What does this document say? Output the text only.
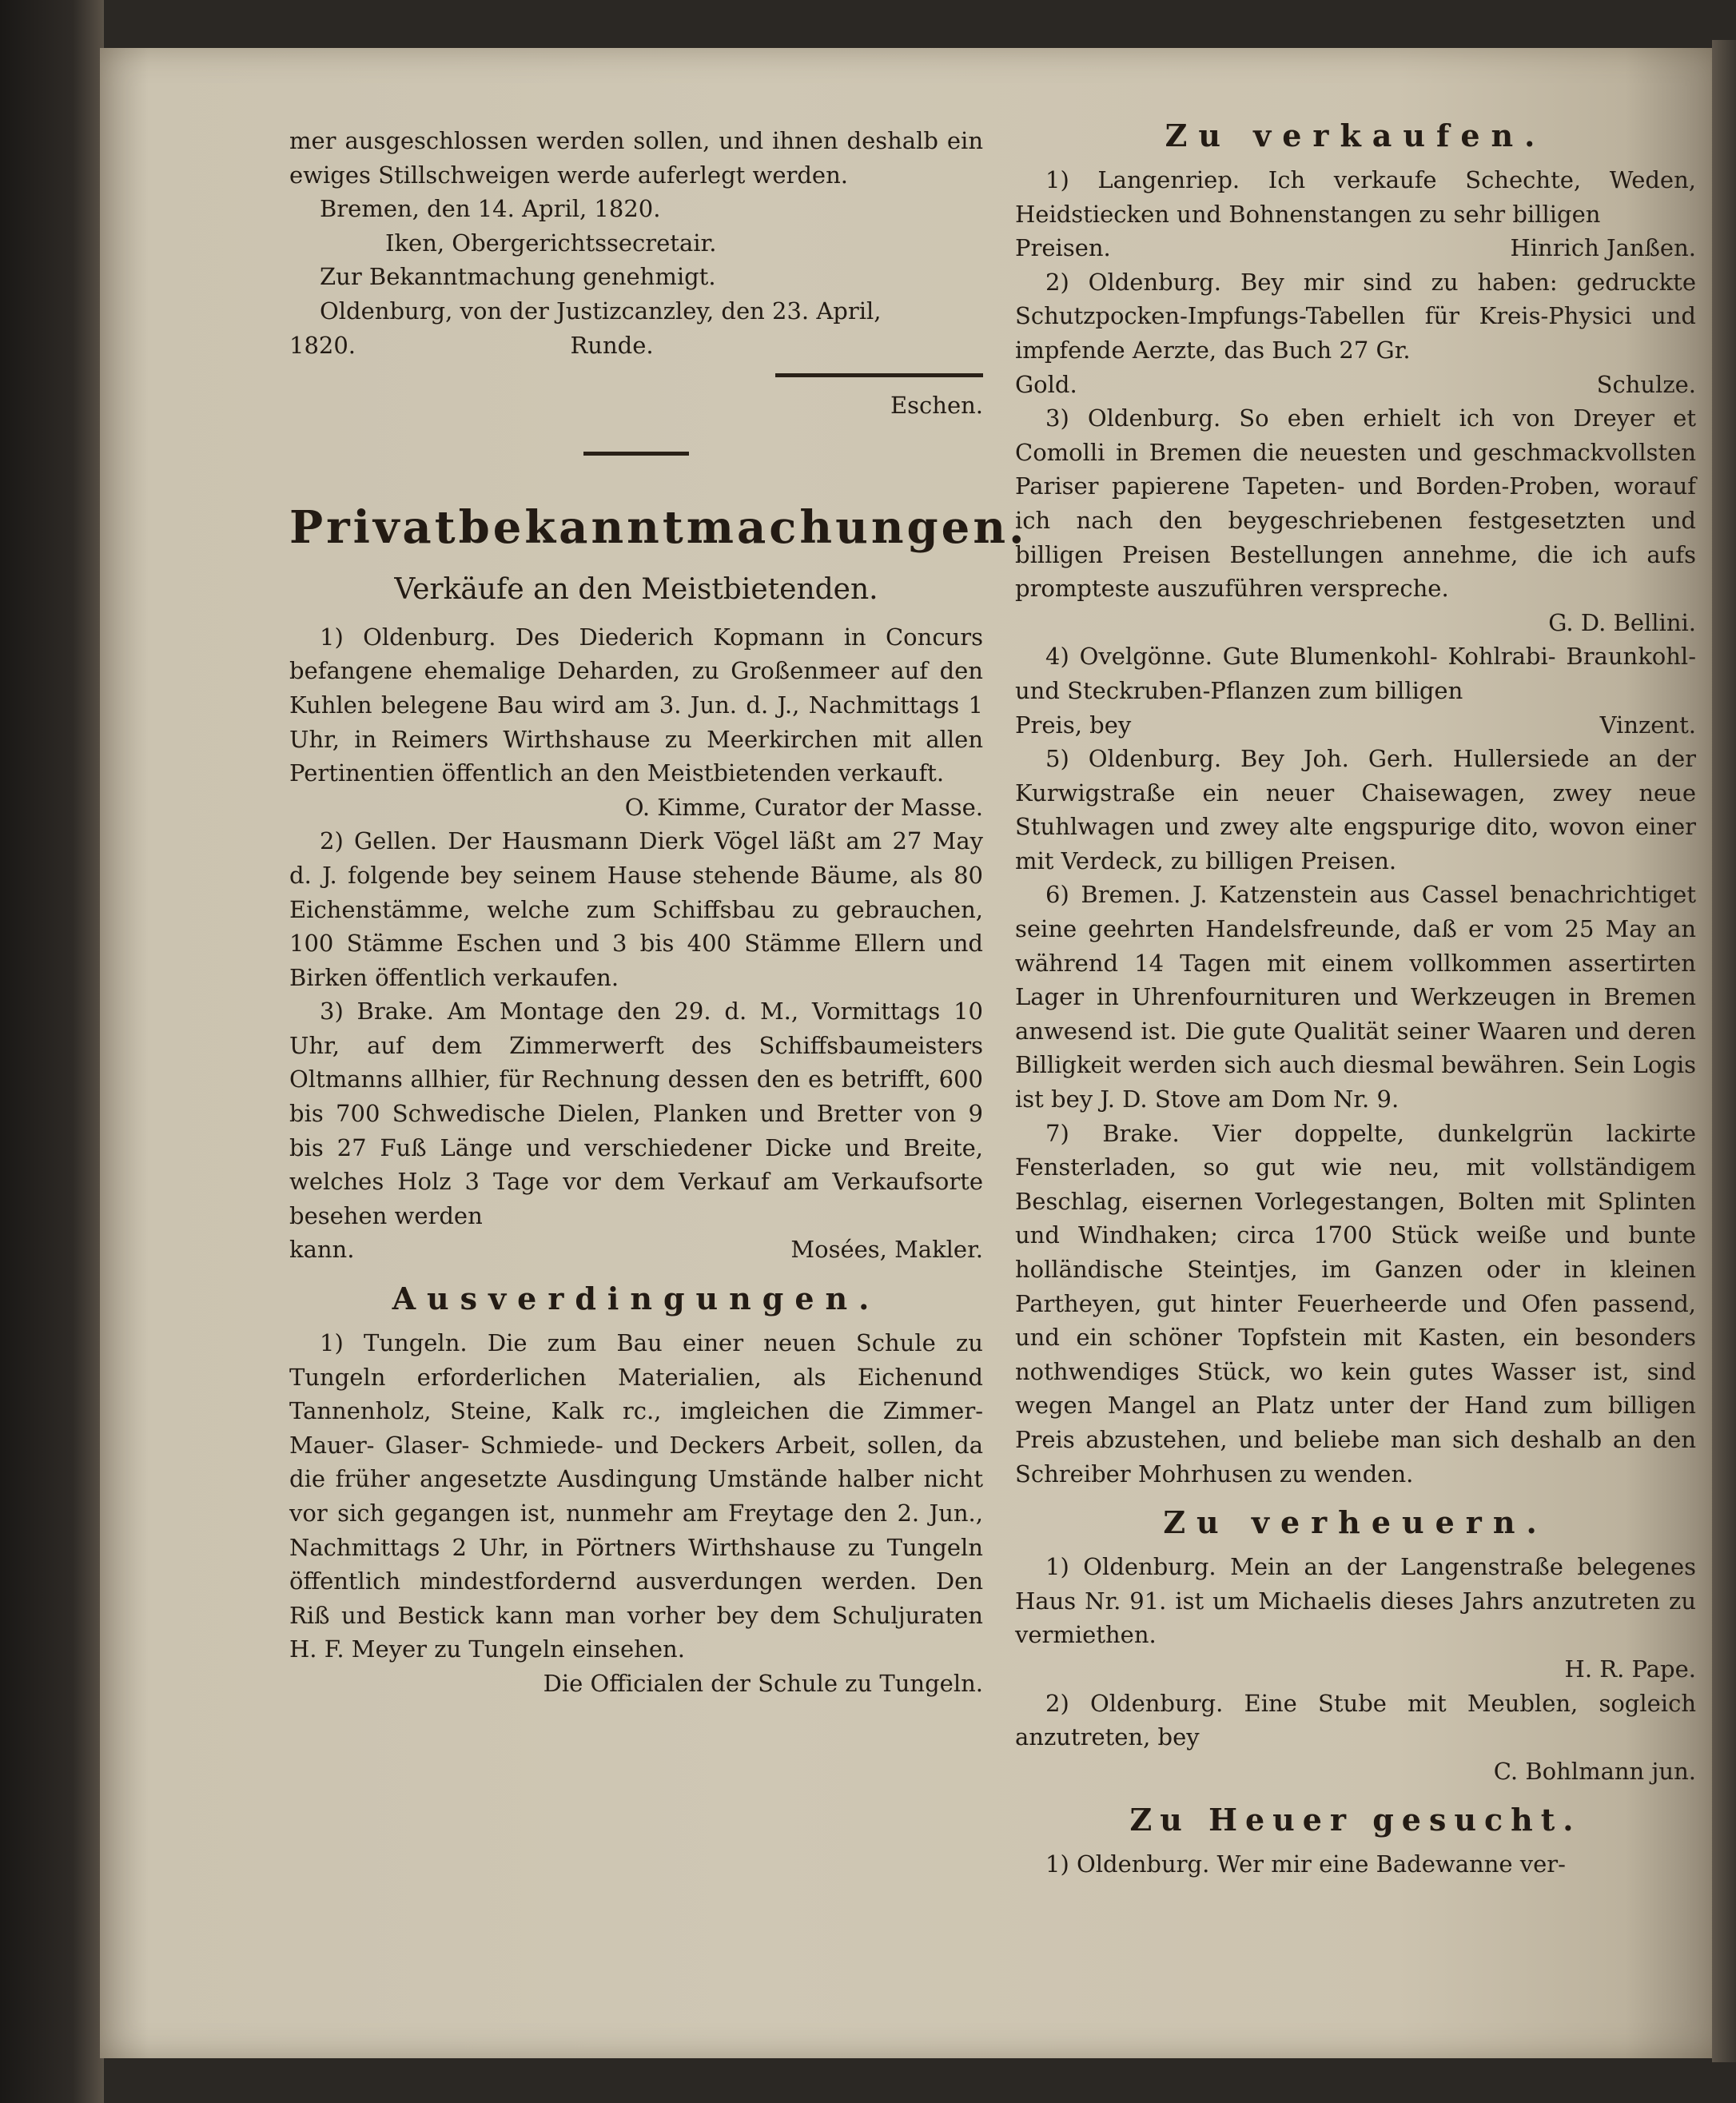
mer ausgeschlossen werden sollen, und ihnen deshalb ein ewiges Stillschweigen werde auferlegt werden.

Bremen, den 14. April, 1820.

Iken, Obergerichtssecretair.

Zur Bekanntmachung genehmigt.

Oldenburg, von der Justizcanzley, den 23. April,

1820.	Runde.

Eschen.

Privatbekanntmachungen.

Verkäufe an den Meistbietenden.

1) Oldenburg. Des Diederich Kopmann in Concurs befangene ehemalige Deharden, zu Großenmeer auf den Kuhlen belegene Bau wird am 3. Jun. d. J., Nachmittags 1 Uhr, in Reimers Wirthshause zu Meerkirchen mit allen Pertinentien öffentlich an den Meistbietenden verkauft.

O. Kimme, Curator der Masse.

2) Gellen. Der Hausmann Dierk Vögel läßt am 27 May d. J. folgende bey seinem Hause stehende Bäume, als 80 Eichenstämme, welche zum Schiffsbau zu gebrauchen, 100 Stämme Eschen und 3 bis 400 Stämme Ellern und Birken öffentlich verkaufen.

3) Brake. Am Montage den 29. d. M., Vormittags 10 Uhr, auf dem Zimmerwerft des Schiffsbaumeisters Oltmanns allhier, für Rechnung dessen den es betrifft, 600 bis 700 Schwedische Dielen, Planken und Bretter von 9 bis 27 Fuß Länge und verschiedener Dicke und Breite, welches Holz 3 Tage vor dem Verkauf am Verkaufsorte besehen werden

kann.	Mosées, Makler.

Ausverdingungen.

1) Tungeln. Die zum Bau einer neuen Schule zu Tungeln erforderlichen Materialien, als Eichenund Tannenholz, Steine, Kalk rc., imgleichen die Zimmer- Mauer- Glaser- Schmiede- und Deckers Arbeit, sollen, da die früher angesetzte Ausdingung Umstände halber nicht vor sich gegangen ist, nunmehr am Freytage den 2. Jun., Nachmittags 2 Uhr, in Pörtners Wirthshause zu Tungeln öffentlich mindestfordernd ausverdungen werden. Den Riß und Bestick kann man vorher bey dem Schuljuraten H. F. Meyer zu Tungeln einsehen.

Die Officialen der Schule zu Tungeln.

Zu verkaufen.

1) Langenriep. Ich verkaufe Schechte, Weden, Heidstiecken und Bohnenstangen zu sehr billigen

Preisen.	Hinrich Janßen.

2) Oldenburg. Bey mir sind zu haben: gedruckte Schutzpocken-Impfungs-Tabellen für Kreis-Physici und impfende Aerzte, das Buch 27 Gr.

Gold.	Schulze.

3) Oldenburg. So eben erhielt ich von Dreyer et Comolli in Bremen die neuesten und geschmackvollsten Pariser papierene Tapeten- und Borden-Proben, worauf ich nach den beygeschriebenen festgesetzten und billigen Preisen Bestellungen annehme, die ich aufs prompteste auszuführen verspreche.

G. D. Bellini.

4) Ovelgönne. Gute Blumenkohl- Kohlrabi- Braunkohl- und Steckruben-Pflanzen zum billigen

Preis, bey	Vinzent.

5) Oldenburg. Bey Joh. Gerh. Hullersiede an der Kurwigstraße ein neuer Chaisewagen, zwey neue Stuhlwagen und zwey alte engspurige dito, wovon einer mit Verdeck, zu billigen Preisen.

6) Bremen. J. Katzenstein aus Cassel benachrichtiget seine geehrten Handelsfreunde, daß er vom 25 May an während 14 Tagen mit einem vollkommen assertirten Lager in Uhrenfournituren und Werkzeugen in Bremen anwesend ist. Die gute Qualität seiner Waaren und deren Billigkeit werden sich auch diesmal bewähren. Sein Logis ist bey J. D. Stove am Dom Nr. 9.

7) Brake. Vier doppelte, dunkelgrün lackirte Fensterladen, so gut wie neu, mit vollständigem Beschlag, eisernen Vorlegestangen, Bolten mit Splinten und Windhaken; circa 1700 Stück weiße und bunte holländische Steintjes, im Ganzen oder in kleinen Partheyen, gut hinter Feuerheerde und Ofen passend, und ein schöner Topfstein mit Kasten, ein besonders nothwendiges Stück, wo kein gutes Wasser ist, sind wegen Mangel an Platz unter der Hand zum billigen Preis abzustehen, und beliebe man sich deshalb an den Schreiber Mohrhusen zu wenden.

Zu verheuern.

1) Oldenburg. Mein an der Langenstraße belegenes Haus Nr. 91. ist um Michaelis dieses Jahrs anzutreten zu vermiethen.

H. R. Pape.

2) Oldenburg. Eine Stube mit Meublen, sogleich anzutreten, bey

C. Bohlmann jun.

Zu Heuer gesucht.

1) Oldenburg. Wer mir eine Badewanne ver-
